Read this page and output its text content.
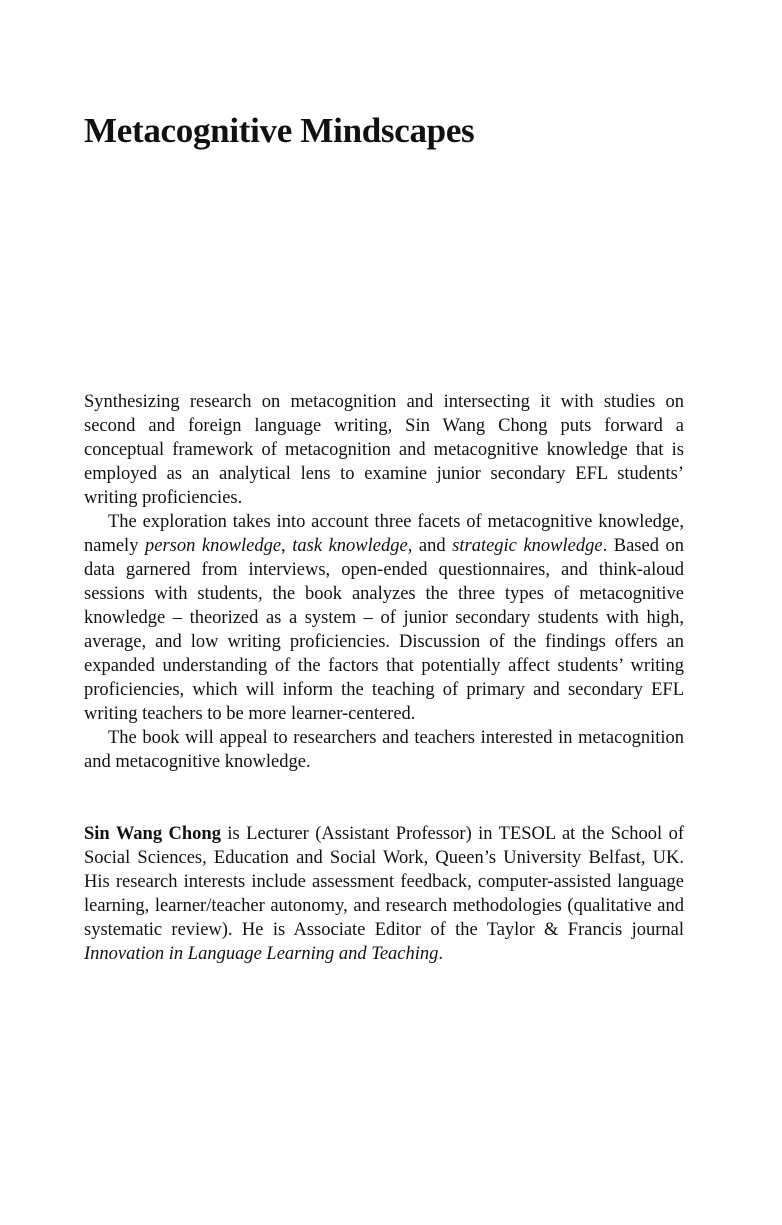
Metacognitive Mindscapes

Synthesizing research on metacognition and intersecting it with studies on second and foreign language writing, Sin Wang Chong puts forward a conceptual framework of metacognition and metacognitive knowledge that is employed as an analytical lens to examine junior secondary EFL students’ writing proficiencies.

The exploration takes into account three facets of metacognitive knowledge, namely person knowledge, task knowledge, and strategic knowledge. Based on data garnered from interviews, open-ended questionnaires, and think-aloud sessions with students, the book analyzes the three types of metacognitive knowledge – theorized as a system – of junior secondary students with high, average, and low writing proficiencies. Discussion of the findings offers an expanded understanding of the factors that potentially affect students’ writing proficiencies, which will inform the teaching of primary and secondary EFL writing teachers to be more learner-centered.

The book will appeal to researchers and teachers interested in metacognition and metacognitive knowledge.

Sin Wang Chong is Lecturer (Assistant Professor) in TESOL at the School of Social Sciences, Education and Social Work, Queen’s University Belfast, UK. His research interests include assessment feedback, computer-assisted language learning, learner/teacher autonomy, and research methodologies (qualitative and systematic review). He is Associate Editor of the Taylor & Francis journal Innovation in Language Learning and Teaching.
